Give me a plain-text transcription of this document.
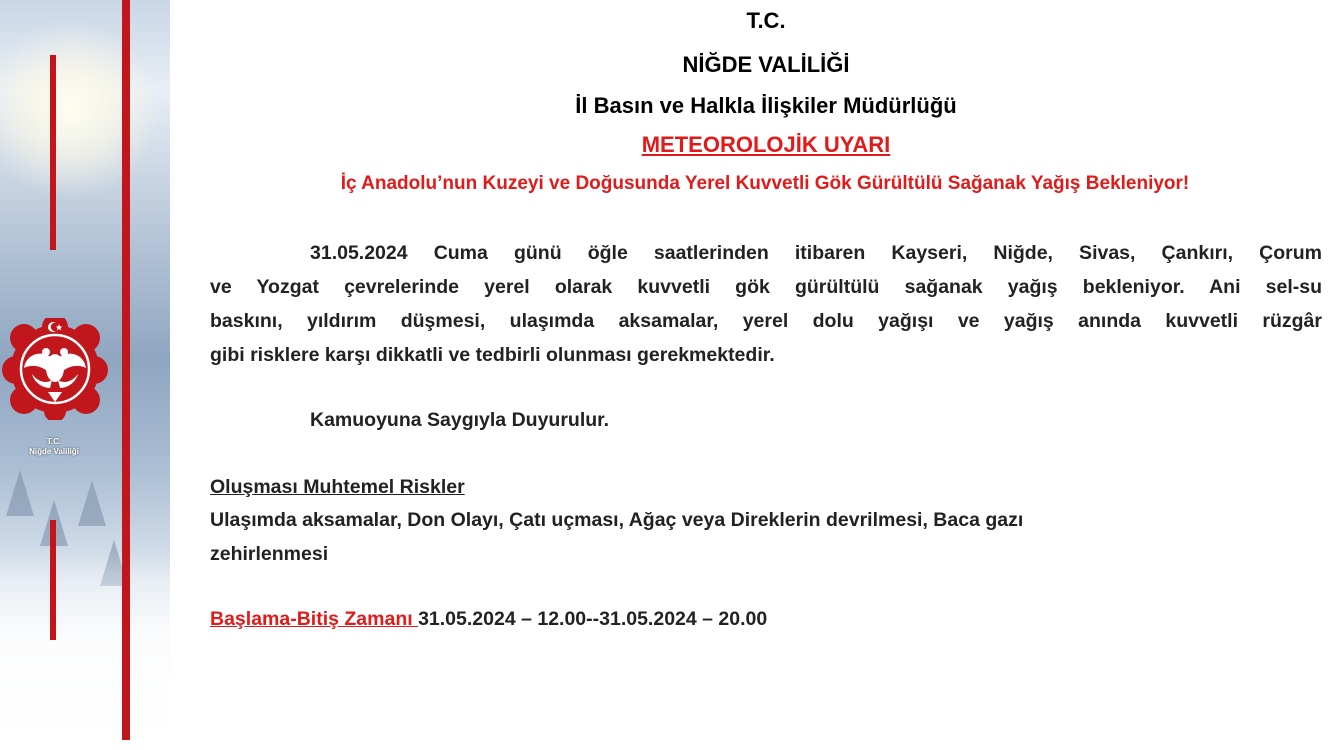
T.C.
Niğde Valiliği
T.C.
NİĞDE VALİLİĞİ
İl Basın ve Halkla İlişkiler Müdürlüğü
METEOROLOJİK UYARI
İç Anadolu’nun Kuzeyi ve Doğusunda Yerel Kuvvetli Gök Gürültülü Sağanak Yağış Bekleniyor!
31.05.2024 Cuma günü öğle saatlerinden itibaren Kayseri, Niğde, Sivas, Çankırı, Çorum
ve Yozgat çevrelerinde yerel olarak kuvvetli gök gürültülü sağanak yağış bekleniyor. Ani sel-su
baskını, yıldırım düşmesi, ulaşımda aksamalar, yerel dolu yağışı ve yağış anında kuvvetli rüzgâr
gibi risklere karşı dikkatli ve tedbirli olunması gerekmektedir.
Kamuoyuna Saygıyla Duyurulur.
Oluşması Muhtemel Riskler
Ulaşımda aksamalar, Don Olayı, Çatı uçması, Ağaç veya Direklerin devrilmesi, Baca gazı
zehirlenmesi
Başlama-Bitiş Zamanı 31.05.2024 – 12.00--31.05.2024 – 20.00
